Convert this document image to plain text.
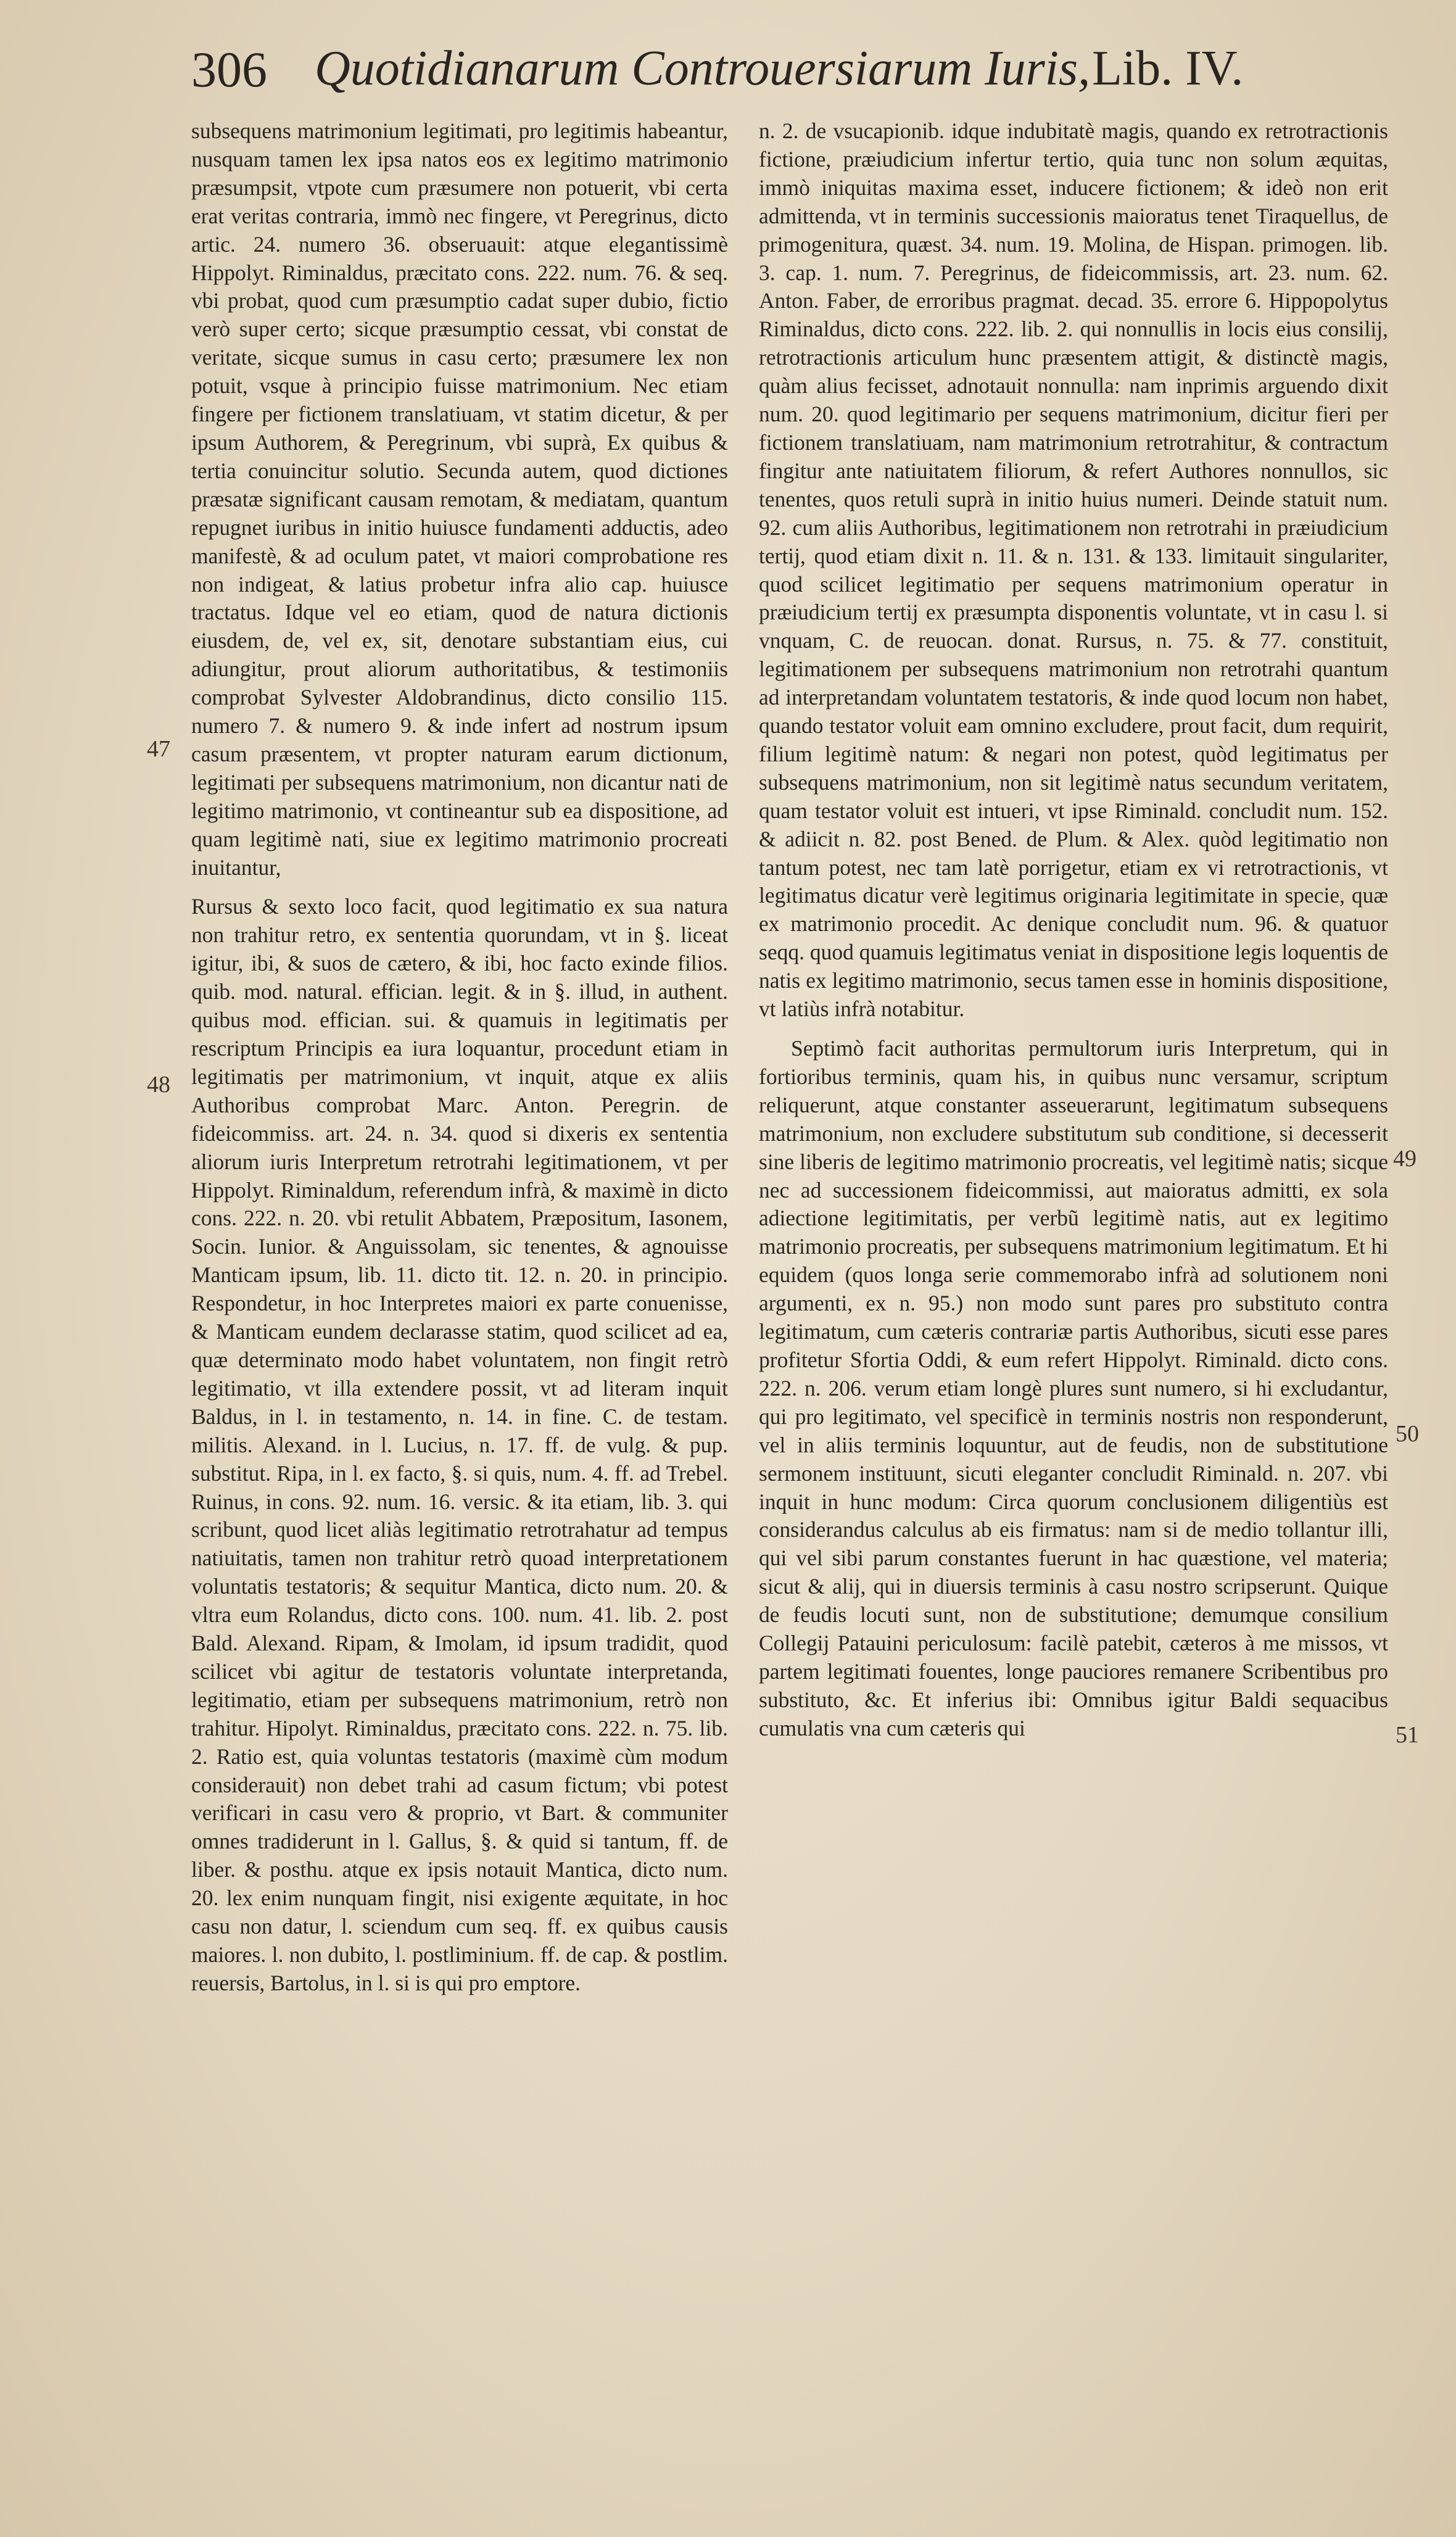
306 Quotidianarum Controuersiarum Iuris, Lib. IV.

subsequens matrimonium legitimati, pro legitimis habeantur, nusquam tamen lex ipsa natos eos ex legitimo matrimonio præsumpsit, vtpote cum præsumere non potuerit, vbi certa erat veritas contraria, immò nec fingere, vt Peregrinus, dicto artic. 24. numero 36. obseruauit: atque elegantissimè Hippolyt. Riminaldus, præcitato cons. 222. num. 76. & seq. vbi probat, quod cum præsumptio cadat super dubio, fictio verò super certo; sicque præsumptio cessat, vbi constat de veritate, sicque sumus in casu certo; præsumere lex non potuit, vsque à principio fuisse matrimonium. Nec etiam fingere per fictionem translatiuam, vt statim dicetur, & per ipsum Authorem, & Peregrinum, vbi suprà, Ex quibus & tertia conuincitur solutio. Secunda autem, quod dictiones præsatæ significant causam remotam, & mediatam, quantum repugnet iuribus in initio huiusce fundamenti adductis, adeo manifestè, & ad oculum patet, vt maiori comprobatione res non indigeat, & latius probetur infra alio cap. huiusce tractatus. Idque vel eo etiam, quod de natura dictionis eiusdem, de, vel ex, sit, denotare substantiam eius, cui adiungitur, prout aliorum authoritatibus, & testimoniis comprobat Sylvester Aldobrandinus, dicto consilio 115. numero 7. & numero 9. & inde infert ad nostrum ipsum casum præsentem, vt propter naturam earum dictionum, legitimati per subsequens matrimonium, non dicantur nati de legitimo matrimonio, vt contineantur sub ea dispositione, ad quam legitimè nati, siue ex legitimo matrimonio procreati inuitantur,

Rursus & sexto loco facit, quod legitimatio ex sua natura non trahitur retro, ex sententia quorundam, vt in §. liceat igitur, ibi, & suos de cætero, & ibi, hoc facto exinde filios. quib. mod. natural. effician. legit. & in §. illud, in authent. quibus mod. effician. sui. & quamuis in legitimatis per rescriptum Principis ea iura loquantur, procedunt etiam in legitimatis per matrimonium, vt inquit, atque ex aliis Authoribus comprobat Marc. Anton. Peregrin. de fideicommiss. art. 24. n. 34. quod si dixeris ex sententia aliorum iuris Interpretum retrotrahi legitimationem, vt per Hippolyt. Riminaldum, referendum infrà, & maximè in dicto cons. 222. n. 20. vbi retulit Abbatem, Præpositum, Iasonem, Socin. Iunior. & Anguissolam, sic tenentes, & agnouisse Manticam ipsum, lib. 11. dicto tit. 12. n. 20. in principio. Respondetur, in hoc Interpretes maiori ex parte conuenisse, & Manticam eundem declarasse statim, quod scilicet ad ea, quæ determinato modo habet voluntatem, non fingit retrò legitimatio, vt illa extendere possit, vt ad literam inquit Baldus, in l. in testamento, n. 14. in fine. C. de testam. militis. Alexand. in l. Lucius, n. 17. ff. de vulg. & pup. substitut. Ripa, in l. ex facto, §. si quis, num. 4. ff. ad Trebel. Ruinus, in cons. 92. num. 16. versic. & ita etiam, lib. 3. qui scribunt, quod licet aliàs legitimatio retrotrahatur ad tempus natiuitatis, tamen non trahitur retrò quoad interpretationem voluntatis testatoris; & sequitur Mantica, dicto num. 20. & vltra eum Rolandus, dicto cons. 100. num. 41. lib. 2. post Bald. Alexand. Ripam, & Imolam, id ipsum tradidit, quod scilicet vbi agitur de testatoris voluntate interpretanda, legitimatio, etiam per subsequens matrimonium, retrò non trahitur. Hipolyt. Riminaldus, præcitato cons. 222. n. 75. lib. 2. Ratio est, quia voluntas testatoris (maximè cùm modum considerauit) non debet trahi ad casum fictum; vbi potest verificari in casu vero & proprio, vt Bart. & communiter omnes tradiderunt in l. Gallus, §. & quid si tantum, ff. de liber. & posthu. atque ex ipsis notauit Mantica, dicto num. 20. lex enim nunquam fingit, nisi exigente æquitate, in hoc casu non datur, l. sciendum cum seq. ff. ex quibus causis maiores. l. non dubito, l. postliminium. ff. de cap. & postlim. reuersis, Bartolus, in l. si is qui pro emptore.

n. 2. de vsucapionib. idque indubitatè magis, quando ex retrotractionis fictione, præiudicium infertur tertio, quia tunc non solum æquitas, immò iniquitas maxima esset, inducere fictionem; & ideò non erit admittenda, vt in terminis successionis maioratus tenet Tiraquellus, de primogenitura, quæst. 34. num. 19. Molina, de Hispan. primogen. lib. 3. cap. 1. num. 7. Peregrinus, de fideicommissis, art. 23. num. 62. Anton. Faber, de erroribus pragmat. decad. 35. errore 6. Hippopolytus Riminaldus, dicto cons. 222. lib. 2. qui nonnullis in locis eius consilij, retrotractionis articulum hunc præsentem attigit, & distinctè magis, quàm alius fecisset, adnotauit nonnulla: nam inprimis arguendo dixit num. 20. quod legitimario per sequens matrimonium, dicitur fieri per fictionem translatiuam, nam matrimonium retrotrahitur, & contractum fingitur ante natiuitatem filiorum, & refert Authores nonnullos, sic tenentes, quos retuli suprà in initio huius numeri. Deinde statuit num. 92. cum aliis Authoribus, legitimationem non retrotrahi in præiudicium tertij, quod etiam dixit n. 11. & n. 131. & 133. limitauit singulariter, quod scilicet legitimatio per sequens matrimonium operatur in præiudicium tertij ex præsumpta disponentis voluntate, vt in casu l. si vnquam, C. de reuocan. donat. Rursus, n. 75. & 77. constituit, legitimationem per subsequens matrimonium non retrotrahi quantum ad interpretandam voluntatem testatoris, & inde quod locum non habet, quando testator voluit eam omnino excludere, prout facit, dum requirit, filium legitimè natum: & negari non potest, quòd legitimatus per subsequens matrimonium, non sit legitimè natus secundum veritatem, quam testator voluit est intueri, vt ipse Riminald. concludit num. 152. & adiicit n. 82. post Bened. de Plum. & Alex. quòd legitimatio non tantum potest, nec tam latè porrigetur, etiam ex vi retrotractionis, vt legitimatus dicatur verè legitimus originaria legitimitate in specie, quæ ex matrimonio procedit. Ac denique concludit num. 96. & quatuor seqq. quod quamuis legitimatus veniat in dispositione legis loquentis de natis ex legitimo matrimonio, secus tamen esse in hominis dispositione, vt latiùs infrà notabitur.

Septimò facit authoritas permultorum iuris Interpretum, qui in fortioribus terminis, quam his, in quibus nunc versamur, scriptum reliquerunt, atque constanter asseuerarunt, legitimatum subsequens matrimonium, non excludere substitutum sub conditione, si decesserit sine liberis de legitimo matrimonio procreatis, vel legitimè natis; sicque nec ad successionem fideicommissi, aut maioratus admitti, ex sola adiectione legitimitatis, per verbũ legitimè natis, aut ex legitimo matrimonio procreatis, per subsequens matrimonium legitimatum. Et hi equidem (quos longa serie commemorabo infrà ad solutionem noni argumenti, ex n. 95.) non modo sunt pares pro substituto contra legitimatum, cum cæteris contrariæ partis Authoribus, sicuti esse pares profitetur Sfortia Oddi, & eum refert Hippolyt. Riminald. dicto cons. 222. n. 206. verum etiam longè plures sunt numero, si hi excludantur, qui pro legitimato, vel specificè in terminis nostris non responderunt, vel in aliis terminis loquuntur, aut de feudis, non de substitutione sermonem instituunt, sicuti eleganter concludit Riminald. n. 207. vbi inquit in hunc modum: Circa quorum conclusionem diligentiùs est considerandus calculus ab eis firmatus: nam si de medio tollantur illi, qui vel sibi parum constantes fuerunt in hac quæstione, vel materia; sicut & alij, qui in diuersis terminis à casu nostro scripserunt. Quique de feudis locuti sunt, non de substitutione; demumque consilium Collegij Patauini periculosum: facilè patebit, cæteros à me missos, vt partem legitimati fouentes, longe pauciores remanere Scribentibus pro substituto, &c. Et inferius ibi: Omnibus igitur Baldi sequacibus cumulatis vna cum cæteris qui

47
48
49
50
51
